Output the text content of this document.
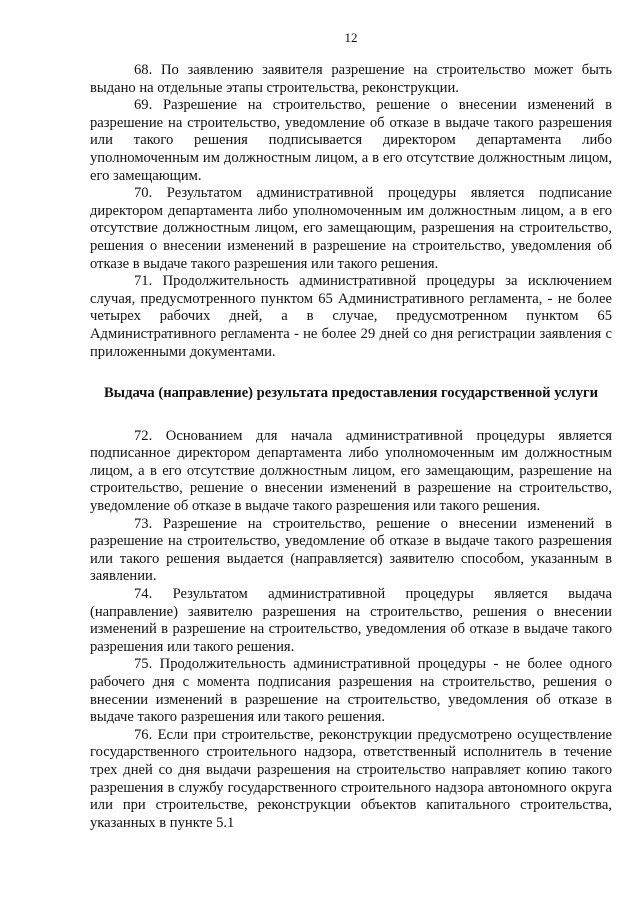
12

68. По заявлению заявителя разрешение на строительство может быть выдано на отдельные этапы строительства, реконструкции.

69. Разрешение на строительство, решение о внесении изменений в разрешение на строительство, уведомление об отказе в выдаче такого разрешения или такого решения подписывается директором департамента либо уполномоченным им должностным лицом, а в его отсутствие должностным лицом, его замещающим.

70. Результатом административной процедуры является подписание директором департамента либо уполномоченным им должностным лицом, а в его отсутствие должностным лицом, его замещающим, разрешения на строительство, решения о внесении изменений в разрешение на строительство, уведомления об отказе в выдаче такого разрешения или такого решения.

71. Продолжительность административной процедуры за исключением случая, предусмотренного пунктом 65 Административного регламента, - не более четырех рабочих дней, а в случае, предусмотренном пунктом 65 Административного регламента - не более 29 дней со дня регистрации заявления с приложенными документами.

Выдача (направление) результата предоставления государственной услуги

72. Основанием для начала административной процедуры является подписанное директором департамента либо уполномоченным им должностным лицом, а в его отсутствие должностным лицом, его замещающим, разрешение на строительство, решение о внесении изменений в разрешение на строительство, уведомление об отказе в выдаче такого разрешения или такого решения.

73. Разрешение на строительство, решение о внесении изменений в разрешение на строительство, уведомление об отказе в выдаче такого разрешения или такого решения выдается (направляется) заявителю способом, указанным в заявлении.

74. Результатом административной процедуры является выдача (направление) заявителю разрешения на строительство, решения о внесении изменений в разрешение на строительство, уведомления об отказе в выдаче такого разрешения или такого решения.

75. Продолжительность административной процедуры - не более одного рабочего дня с момента подписания разрешения на строительство, решения о внесении изменений в разрешение на строительство, уведомления об отказе в выдаче такого разрешения или такого решения.

76. Если при строительстве, реконструкции предусмотрено осуществление государственного строительного надзора, ответственный исполнитель в течение трех дней со дня выдачи разрешения на строительство направляет копию такого разрешения в службу государственного строительного надзора автономного округа или при строительстве, реконструкции объектов капитального строительства, указанных в пункте 5.1
